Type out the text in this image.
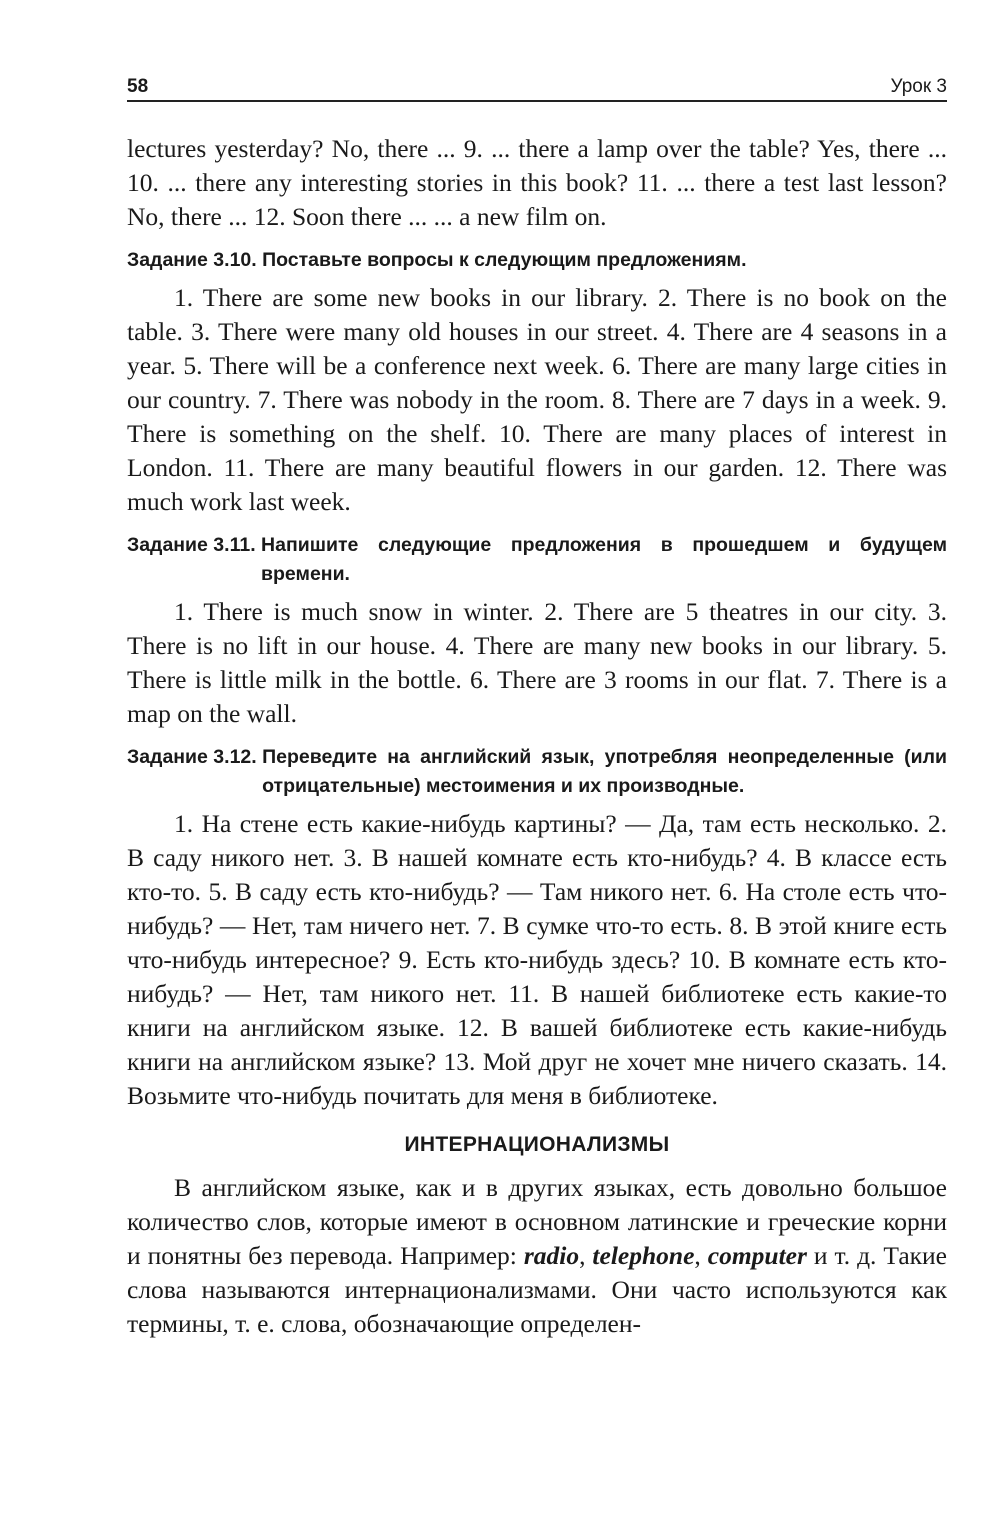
58	Урок 3

lectures yesterday? No, there ... 9. ... there a lamp over the table? Yes, there ... 10. ... there any interesting stories in this book? 11. ... there a test last lesson? No, there ... 12. Soon there ... ... a new film on.

Задание 3.10.
Поставьте вопросы к следующим предложениям.

1. There are some new books in our library. 2. There is no book on the table. 3. There were many old houses in our street. 4. There are 4 seasons in a year. 5. There will be a conference next week. 6. There are many large cities in our country. 7. There was nobody in the room. 8. There are 7 days in a week. 9. There is something on the shelf. 10. There are many places of interest in London. 11. There are many beautiful flowers in our garden. 12. There was much work last week.

Задание 3.11.
Напишите следующие предложения в прошедшем и будущем времени.

1. There is much snow in winter. 2. There are 5 theatres in our city. 3. There is no lift in our house. 4. There are many new books in our library. 5. There is little milk in the bottle. 6. There are 3 rooms in our flat. 7. There is a map on the wall.

Задание 3.12.
Переведите на английский язык, употребляя неопределенные (или отрицательные) местоимения и их производные.

1. На стене есть какие-нибудь картины? — Да, там есть несколько. 2. В саду никого нет. 3. В нашей комнате есть кто-нибудь? 4. В классе есть кто-то. 5. В саду есть кто-нибудь? — Там никого нет. 6. На столе есть что-нибудь? — Нет, там ничего нет. 7. В сумке что-то есть. 8. В этой книге есть что-нибудь интересное? 9. Есть кто-нибудь здесь? 10. В комнате есть кто-нибудь? — Нет, там никого нет. 11. В нашей библиотеке есть какие-то книги на английском языке. 12. В вашей библиотеке есть какие-нибудь книги на английском языке? 13. Мой друг не хочет мне ничего сказать. 14. Возьмите что-нибудь почитать для меня в библиотеке.

ИНТЕРНАЦИОНАЛИЗМЫ

В английском языке, как и в других языках, есть довольно большое количество слов, которые имеют в основном латинские и греческие корни и понятны без перевода. Например: radio, telephone, computer и т. д. Такие слова называются интернационализмами. Они часто используются как термины, т. е. слова, обозначающие определен-
